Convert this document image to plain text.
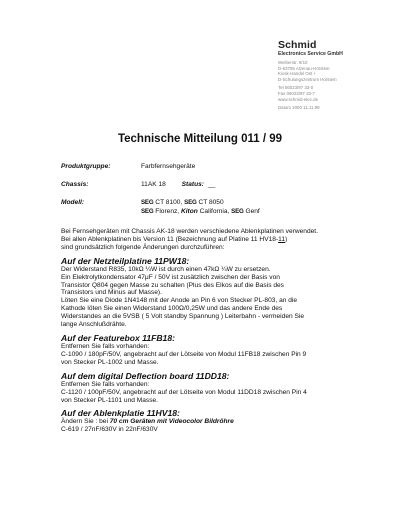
Schmid
Electronics Service GmbH
Weiherstr. 9/10
D-63755 Alzenau-Hörstein
Kiosk-Handel Ost +
D-Schulungszentrum Hörstein
Tel 06023/97 33-0
Fax 06023/97 33-7
www.schmid-elec.de
Datum 2000 11.11.99
Technische Mitteilung 011 / 99
Produktgruppe:	Farbfernsehgeräte
Chassis:	11AK 18 Status: __
Modell:	SEG CT 8100, SEG CT 8050
SEG Florenz, Kiton California, SEG Genf

Bei Fernsehgeräten mit Chassis AK-18 werden verschiedene Ablenkplatinen verwendet.

Bei allen Ablenkplatinen bis Version 11 (Bezeichnung auf Platine 11 HV18-11)

sind grundsätzlich folgende Änderungen durchzuführen:

Auf der Netzteilplatine 11PW18:

Der Widerstand R835, 10kΩ ¼W ist durch einen 47kΩ ¼W zu ersetzen.

Ein Elektrolytkondensator 47μF / 50V ist zusätzlich zwischen der Basis von

Transistor Q804 gegen Masse zu schalten (Plus des Elkos auf die Basis des

Transistors und Minus auf Masse).

Löten Sie eine Diode 1N4148 mit der Anode an Pin 6 von Stecker PL-803, an die

Kathode löten Sie einen Widerstand 100Ω/0,25W und das andere Ende des

Widerstandes an die 5VSB ( 5 Volt standby Spannung ) Leiterbahn - vermeiden Sie

lange Anschlußdrähte.

Auf der Featurebox 11FB18:

Entfernen Sie falls vorhanden:

C-1090 / 180pF/50V, angebracht auf der Lötseite von Modul 11FB18 zwischen Pin 9

von Stecker PL-1002 und Masse.

Auf dem digital Deflection board 11DD18:

Entfernen Sie falls vorhanden:

C-1120 / 100pF/50V, angebracht auf der Lötseite von Modul 11DD18 zwischen Pin 4

von Stecker PL-1101 und Masse.

Auf der Ablenkplatie 11HV18:

Ändern Sie : bei 70 cm Geräten mit Videocolor Bildröhre

C-619 / 27nF/630V in 22nF/630V
